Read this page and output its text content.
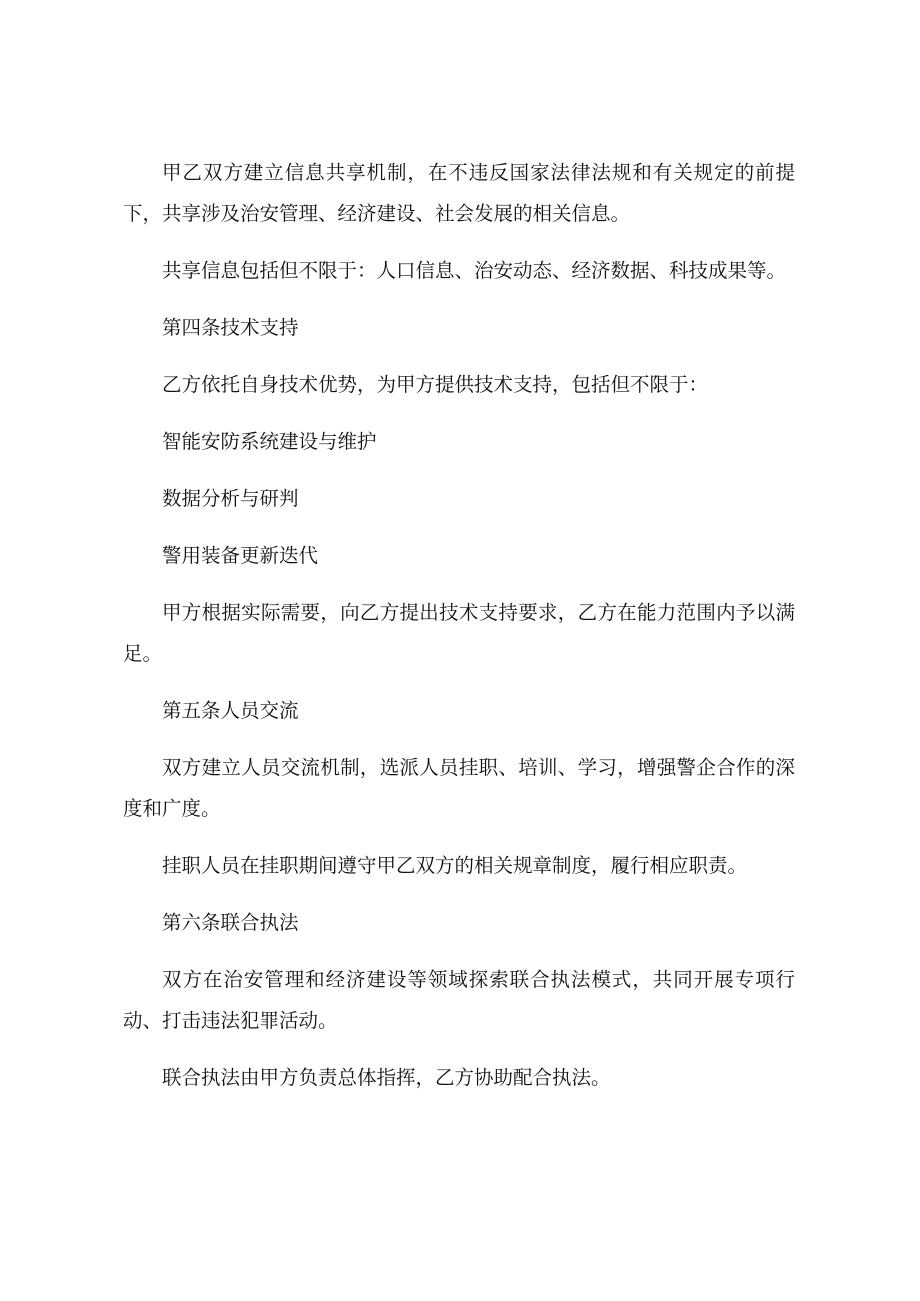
甲乙双方建立信息共享机制，在不违反国家法律法规和有关规定的前提下，共享涉及治安管理、经济建设、社会发展的相关信息。

共享信息包括但不限于：人口信息、治安动态、经济数据、科技成果等。

第四条技术支持

乙方依托自身技术优势，为甲方提供技术支持，包括但不限于：

智能安防系统建设与维护

数据分析与研判

警用装备更新迭代

甲方根据实际需要，向乙方提出技术支持要求，乙方在能力范围内予以满足。

第五条人员交流

双方建立人员交流机制，选派人员挂职、培训、学习，增强警企合作的深度和广度。

挂职人员在挂职期间遵守甲乙双方的相关规章制度，履行相应职责。

第六条联合执法

双方在治安管理和经济建设等领域探索联合执法模式，共同开展专项行动、打击违法犯罪活动。

联合执法由甲方负责总体指挥，乙方协助配合执法。
